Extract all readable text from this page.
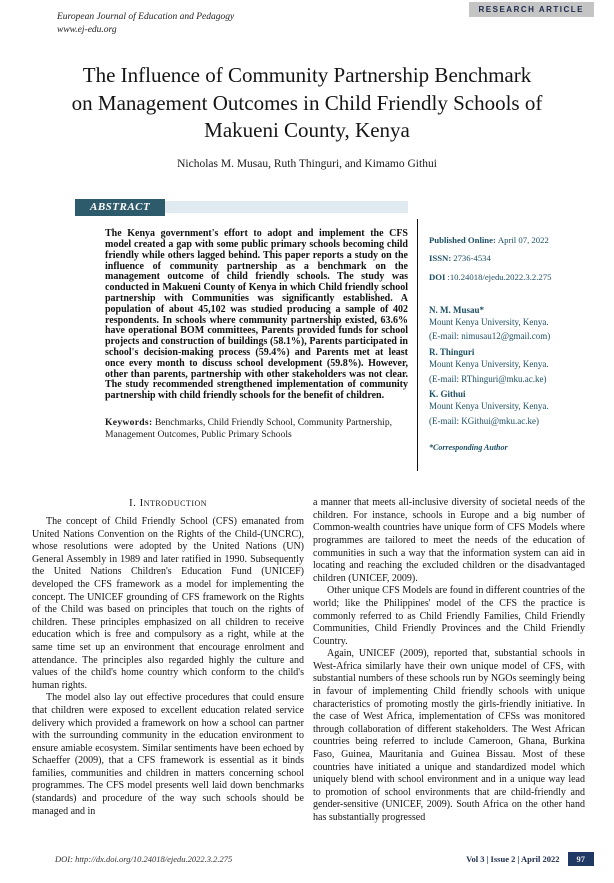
RESEARCH ARTICLE
European Journal of Education and Pedagogy
www.ej-edu.org
The Influence of Community Partnership Benchmark
on Management Outcomes in Child Friendly Schools of
Makueni County, Kenya
Nicholas M. Musau, Ruth Thinguri, and Kimamo Githui
ABSTRACT

The Kenya government's effort to adopt and implement the CFS model created a gap with some public primary schools becoming child friendly while others lagged behind. This paper reports a study on the influence of community partnership as a benchmark on the management outcome of child friendly schools. The study was conducted in Makueni County of Kenya in which Child friendly school partnership with Communities was significantly established. A population of about 45,102 was studied producing a sample of 402 respondents. In schools where community partnership existed, 63.6% have operational BOM committees, Parents provided funds for school projects and construction of buildings (58.1%), Parents participated in school's decision-making process (59.4%) and Parents met at least once every month to discuss school development (59.8%). However, other than parents, partnership with other stakeholders was not clear. The study recommended strengthened implementation of community partnership with child friendly schools for the benefit of children.

Keywords: Benchmarks, Child Friendly School, Community Partnership, Management Outcomes, Public Primary Schools

Published Online: April 07, 2022
ISSN: 2736-4534
DOI :10.24018/ejedu.2022.3.2.275
N. M. Musau*
Mount Kenya University, Kenya.
(E-mail: nimusau12@gmail.com)
R. Thinguri
Mount Kenya University, Kenya.
(E-mail: RThinguri@mku.ac.ke)
K. Githui
Mount Kenya University, Kenya.
(E-mail: KGithui@mku.ac.ke)
*Corresponding Author
I. Introduction

The concept of Child Friendly School (CFS) emanated from United Nations Convention on the Rights of the Child-(UNCRC), whose resolutions were adopted by the United Nations (UN) General Assembly in 1989 and later ratified in 1990. Subsequently the United Nations Children's Education Fund (UNICEF) developed the CFS framework as a model for implementing the concept. The UNICEF grounding of CFS framework on the Rights of the Child was based on principles that touch on the rights of children. These principles emphasized on all children to receive education which is free and compulsory as a right, while at the same time set up an environment that encourage enrolment and attendance. The principles also regarded highly the culture and values of the child's home country which conform to the child's human rights.

The model also lay out effective procedures that could ensure that children were exposed to excellent education related service delivery which provided a framework on how a school can partner with the surrounding community in the education environment to ensure amiable ecosystem. Similar sentiments have been echoed by Schaeffer (2009), that a CFS framework is essential as it binds families, communities and children in matters concerning school programmes. The CFS model presents well laid down benchmarks (standards) and procedure of the way such schools should be managed and in

a manner that meets all-inclusive diversity of societal needs of the children. For instance, schools in Europe and a big number of Common-wealth countries have unique form of CFS Models where programmes are tailored to meet the needs of the education of communities in such a way that the information system can aid in locating and reaching the excluded children or the disadvantaged children (UNICEF, 2009).

Other unique CFS Models are found in different countries of the world; like the Philippines' model of the CFS the practice is commonly referred to as Child Friendly Families, Child Friendly Communities, Child Friendly Provinces and the Child Friendly Country.

Again, UNICEF (2009), reported that, substantial schools in West-Africa similarly have their own unique model of CFS, with substantial numbers of these schools run by NGOs seemingly being in favour of implementing Child friendly schools with unique characteristics of promoting mostly the girls-friendly initiative. In the case of West Africa, implementation of CFSs was monitored through collaboration of different stakeholders. The West African countries being referred to include Cameroon, Ghana, Burkina Faso, Guinea, Mauritania and Guinea Bissau. Most of these countries have initiated a unique and standardized model which uniquely blend with school environment and in a unique way lead to promotion of school environments that are child-friendly and gender-sensitive (UNICEF, 2009). South Africa on the other hand has substantially progressed

DOI: http://dx.doi.org/10.24018/ejedu.2022.3.2.275	Vol 3 | Issue 2 | April 2022	97
